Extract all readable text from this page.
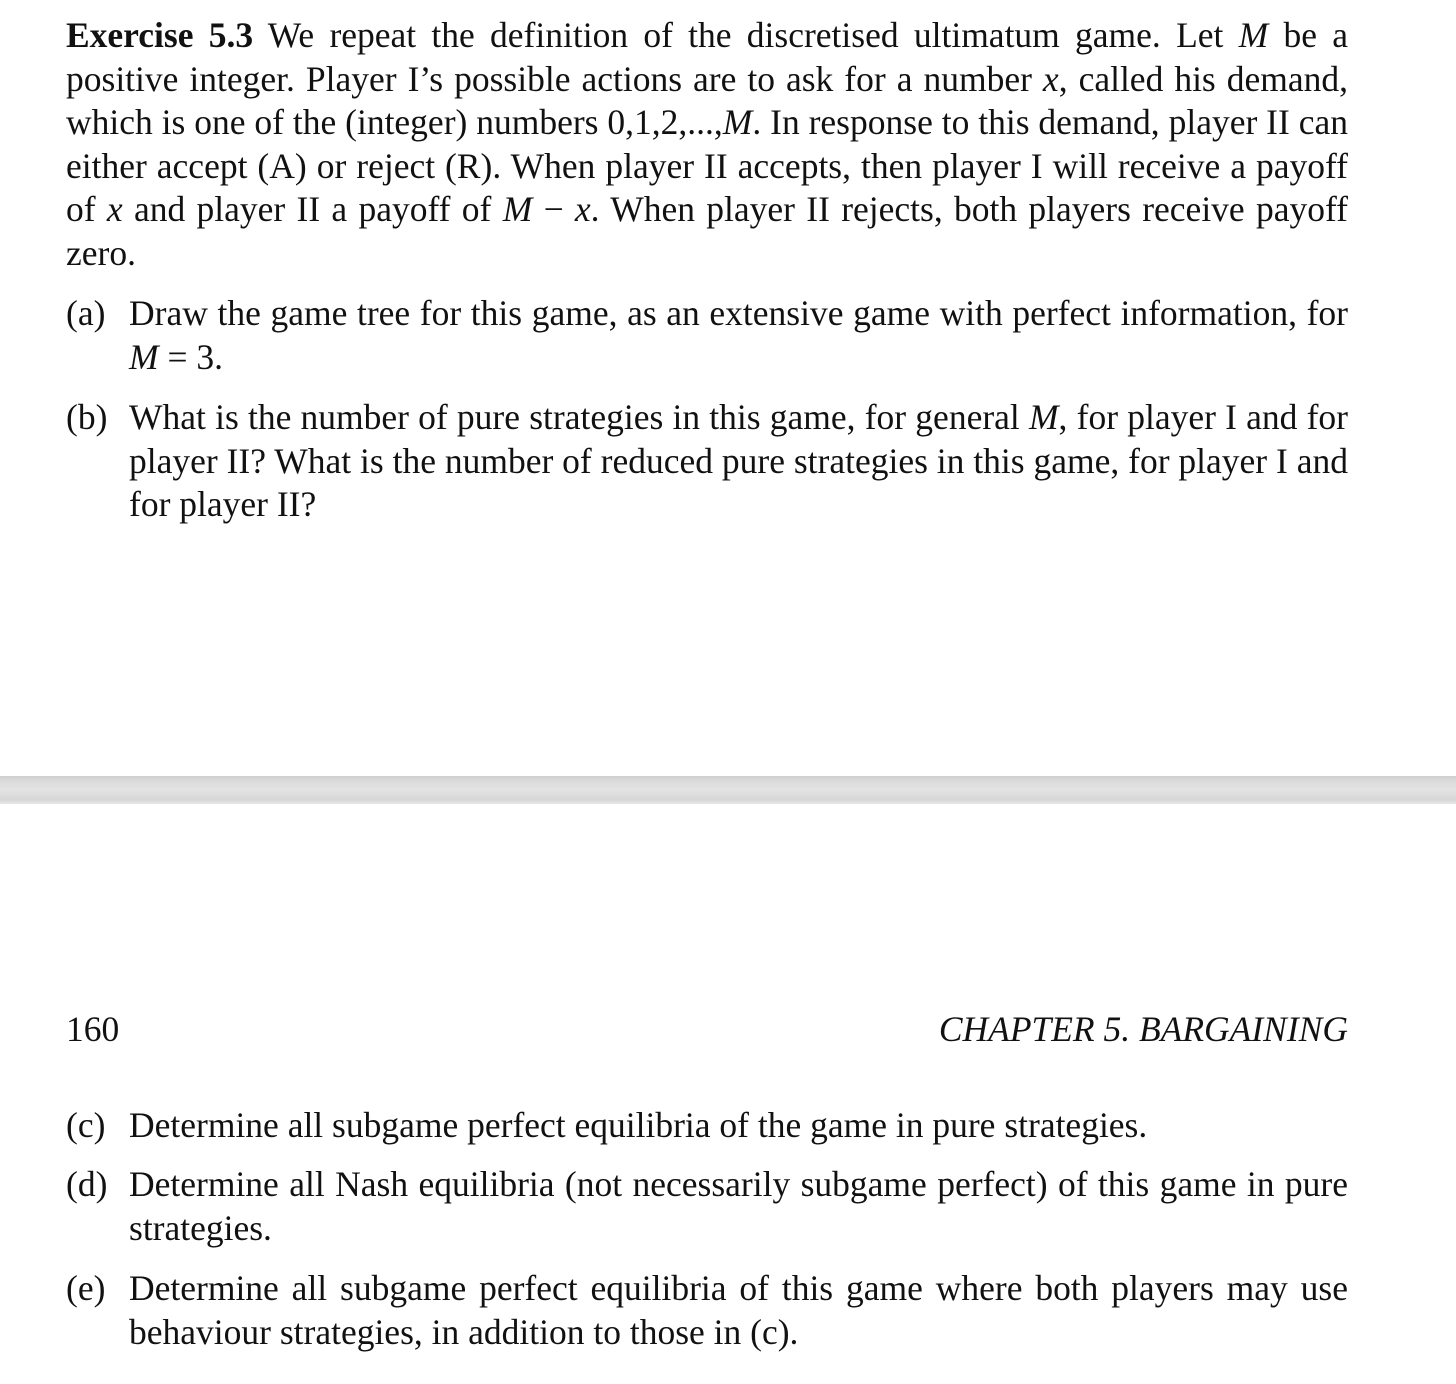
Exercise 5.3 We repeat the definition of the discretised ultimatum game. Let M be a positive integer. Player I’s possible actions are to ask for a number x, called his demand, which is one of the (integer) numbers 0,1,2,...,M. In response to this demand, player II can either accept (A) or reject (R). When player II accepts, then player I will receive a payoff of x and player II a payoff of M − x. When player II rejects, both players receive payoff zero.
(a) Draw the game tree for this game, as an extensive game with perfect information, for M = 3.
(b) What is the number of pure strategies in this game, for general M, for player I and for player II? What is the number of reduced pure strategies in this game, for player I and for player II?
160	CHAPTER 5. BARGAINING
(c) Determine all subgame perfect equilibria of the game in pure strategies.
(d) Determine all Nash equilibria (not necessarily subgame perfect) of this game in pure strategies.
(e) Determine all subgame perfect equilibria of this game where both players may use behaviour strategies, in addition to those in (c).
